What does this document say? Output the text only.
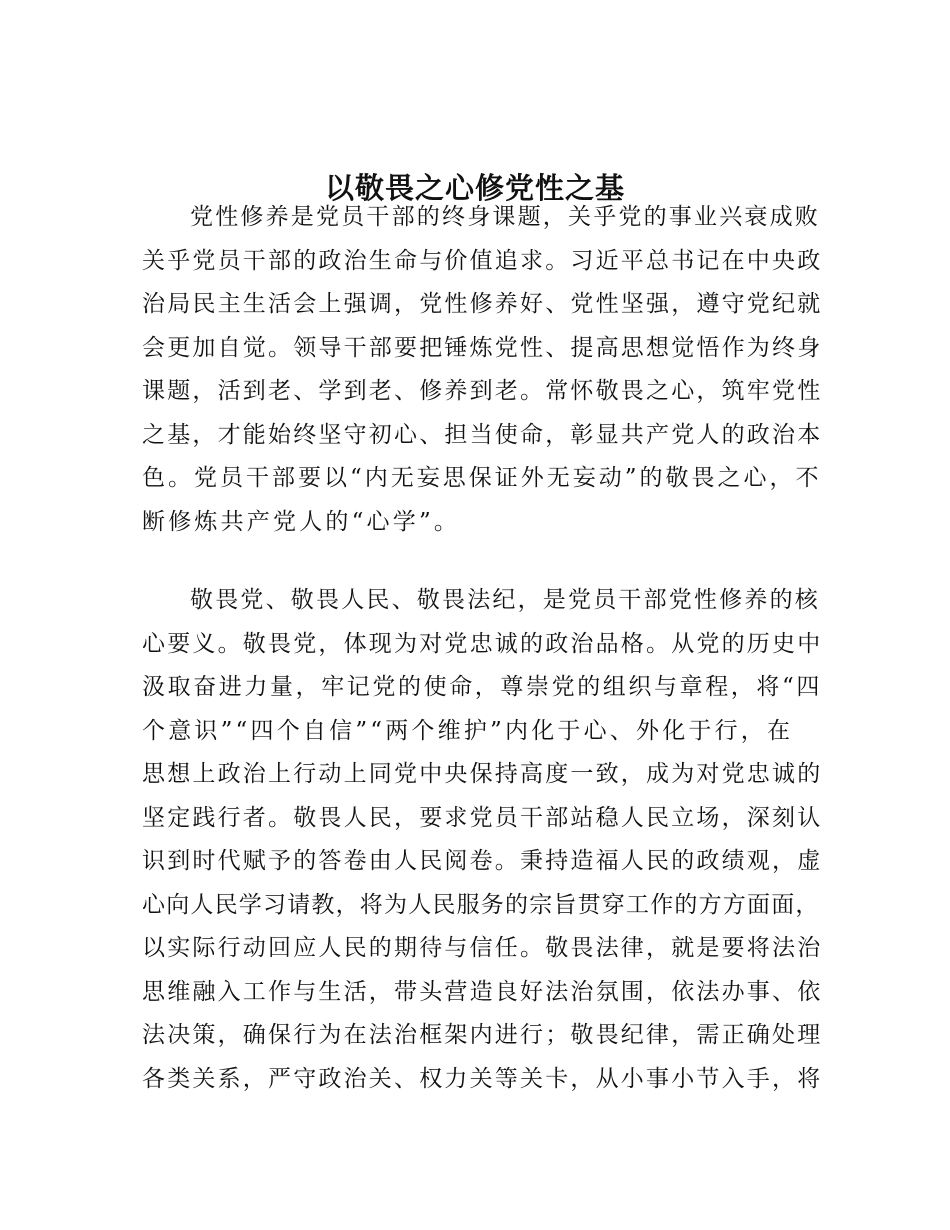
以敬畏之心修党性之基
党性修养是党员干部的终身课题，关乎党的事业兴衰成败
关乎党员干部的政治生命与价值追求。习近平总书记在中央政
治局民主生活会上强调，党性修养好、党性坚强，遵守党纪就
会更加自觉。领导干部要把锤炼党性、提高思想觉悟作为终身
课题，活到老、学到老、修养到老。常怀敬畏之心，筑牢党性
之基，才能始终坚守初心、担当使命，彰显共产党人的政治本
色。党员干部要以“内无妄思保证外无妄动”的敬畏之心，不
断修炼共产党人的“心学”。
敬畏党、敬畏人民、敬畏法纪，是党员干部党性修养的核
心要义。敬畏党，体现为对党忠诚的政治品格。从党的历史中
汲取奋进力量，牢记党的使命，尊崇党的组织与章程，将“四
个意识”“四个自信”“两个维护”内化于心、外化于行，在
思想上政治上行动上同党中央保持高度一致，成为对党忠诚的
坚定践行者。敬畏人民，要求党员干部站稳人民立场，深刻认
识到时代赋予的答卷由人民阅卷。秉持造福人民的政绩观，虚
心向人民学习请教，将为人民服务的宗旨贯穿工作的方方面面，
以实际行动回应人民的期待与信任。敬畏法律，就是要将法治
思维融入工作与生活，带头营造良好法治氛围，依法办事、依
法决策，确保行为在法治框架内进行；敬畏纪律，需正确处理
各类关系，严守政治关、权力关等关卡，从小事小节入手，将
